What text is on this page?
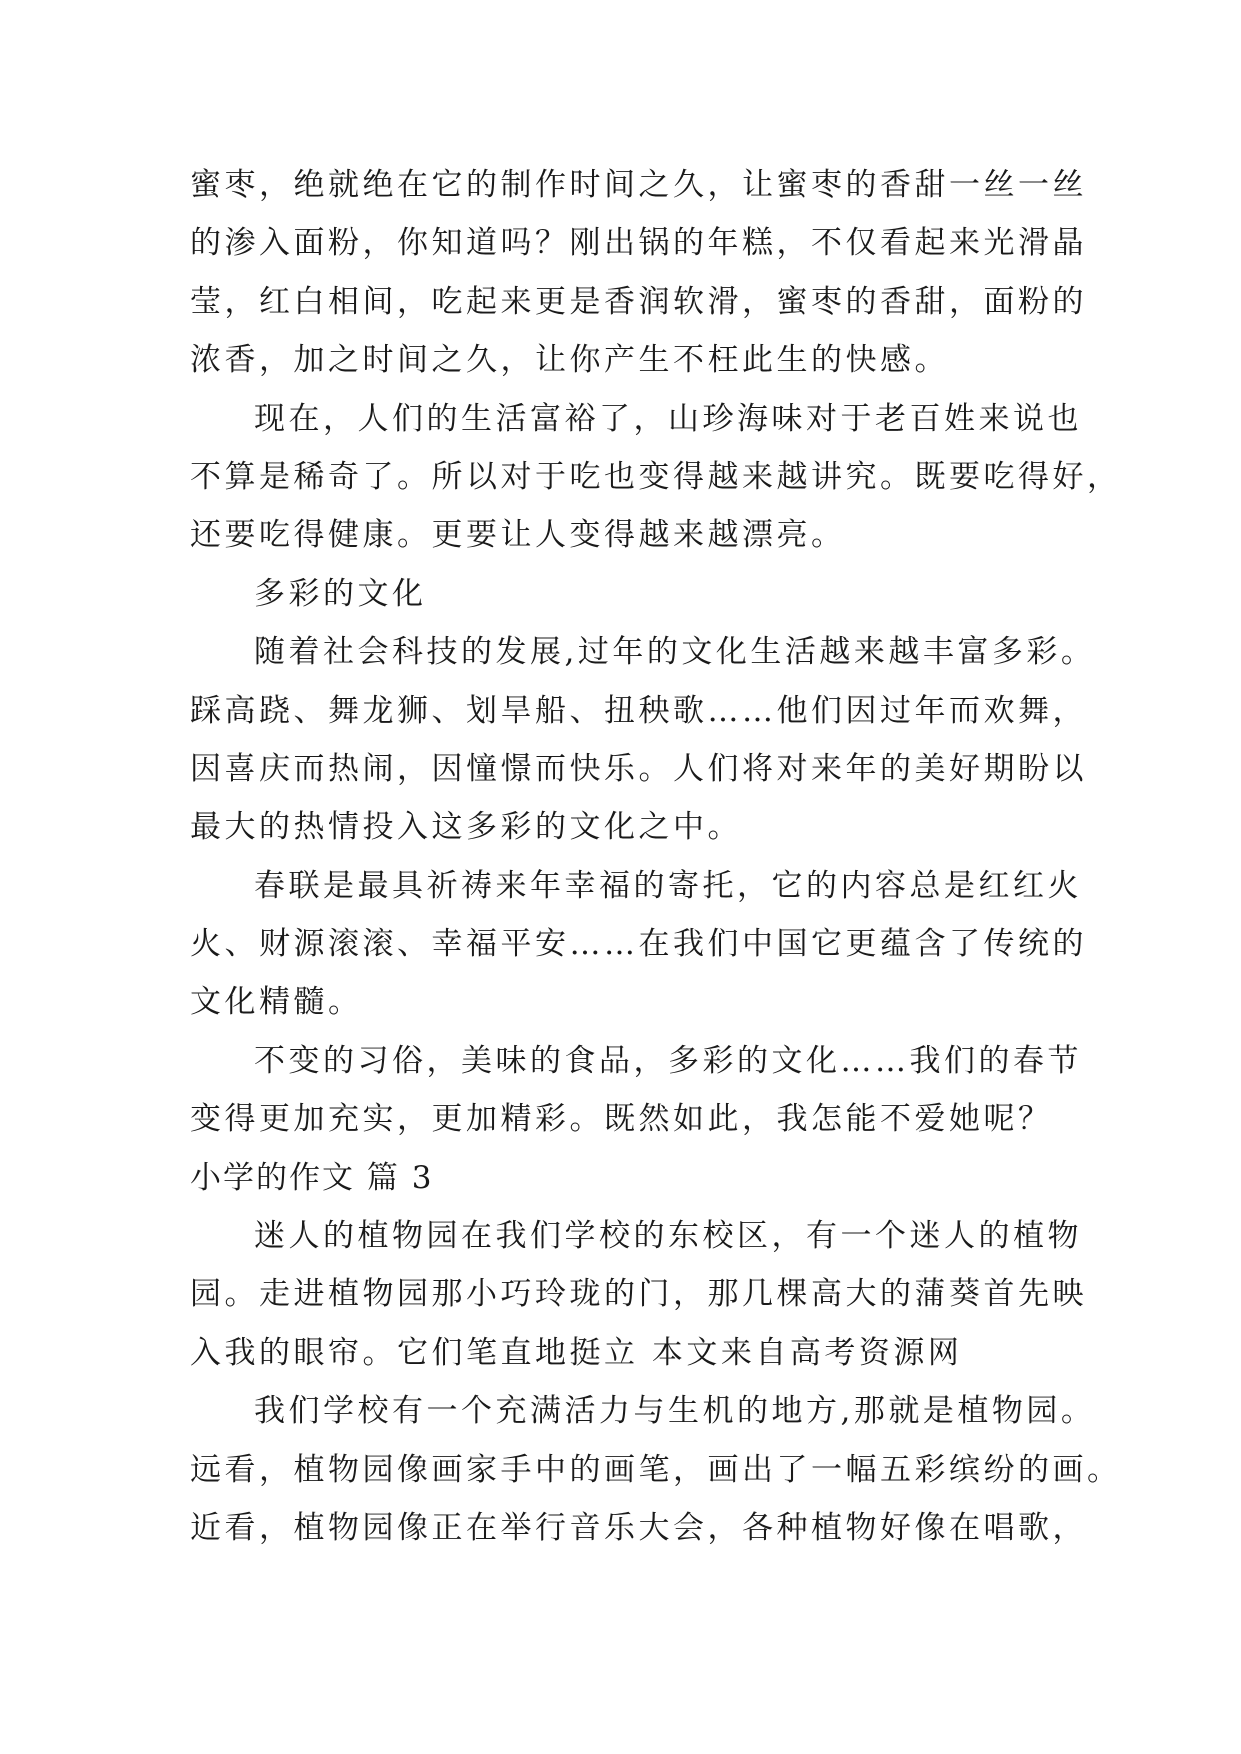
蜜枣，绝就绝在它的制作时间之久，让蜜枣的香甜一丝一丝
的渗入面粉，你知道吗？刚出锅的年糕，不仅看起来光滑晶
莹，红白相间，吃起来更是香润软滑，蜜枣的香甜，面粉的
浓香，加之时间之久，让你产生不枉此生的快感。
现在，人们的生活富裕了，山珍海味对于老百姓来说也
不算是稀奇了。所以对于吃也变得越来越讲究。既要吃得好，
还要吃得健康。更要让人变得越来越漂亮。
多彩的文化
随着社会科技的发展,过年的文化生活越来越丰富多彩。
踩高跷、舞龙狮、划旱船、扭秧歌……他们因过年而欢舞，
因喜庆而热闹，因憧憬而快乐。人们将对来年的美好期盼以
最大的热情投入这多彩的文化之中。
春联是最具祈祷来年幸福的寄托，它的内容总是红红火
火、财源滚滚、幸福平安……在我们中国它更蕴含了传统的
文化精髓。
不变的习俗，美味的食品，多彩的文化……我们的春节
变得更加充实，更加精彩。既然如此，我怎能不爱她呢？
小学的作文 篇 3
迷人的植物园在我们学校的东校区，有一个迷人的植物
园。走进植物园那小巧玲珑的门，那几棵高大的蒲葵首先映
入我的眼帘。它们笔直地挺立 本文来自高考资源网
我们学校有一个充满活力与生机的地方,那就是植物园。
远看，植物园像画家手中的画笔，画出了一幅五彩缤纷的画。
近看，植物园像正在举行音乐大会，各种植物好像在唱歌，
